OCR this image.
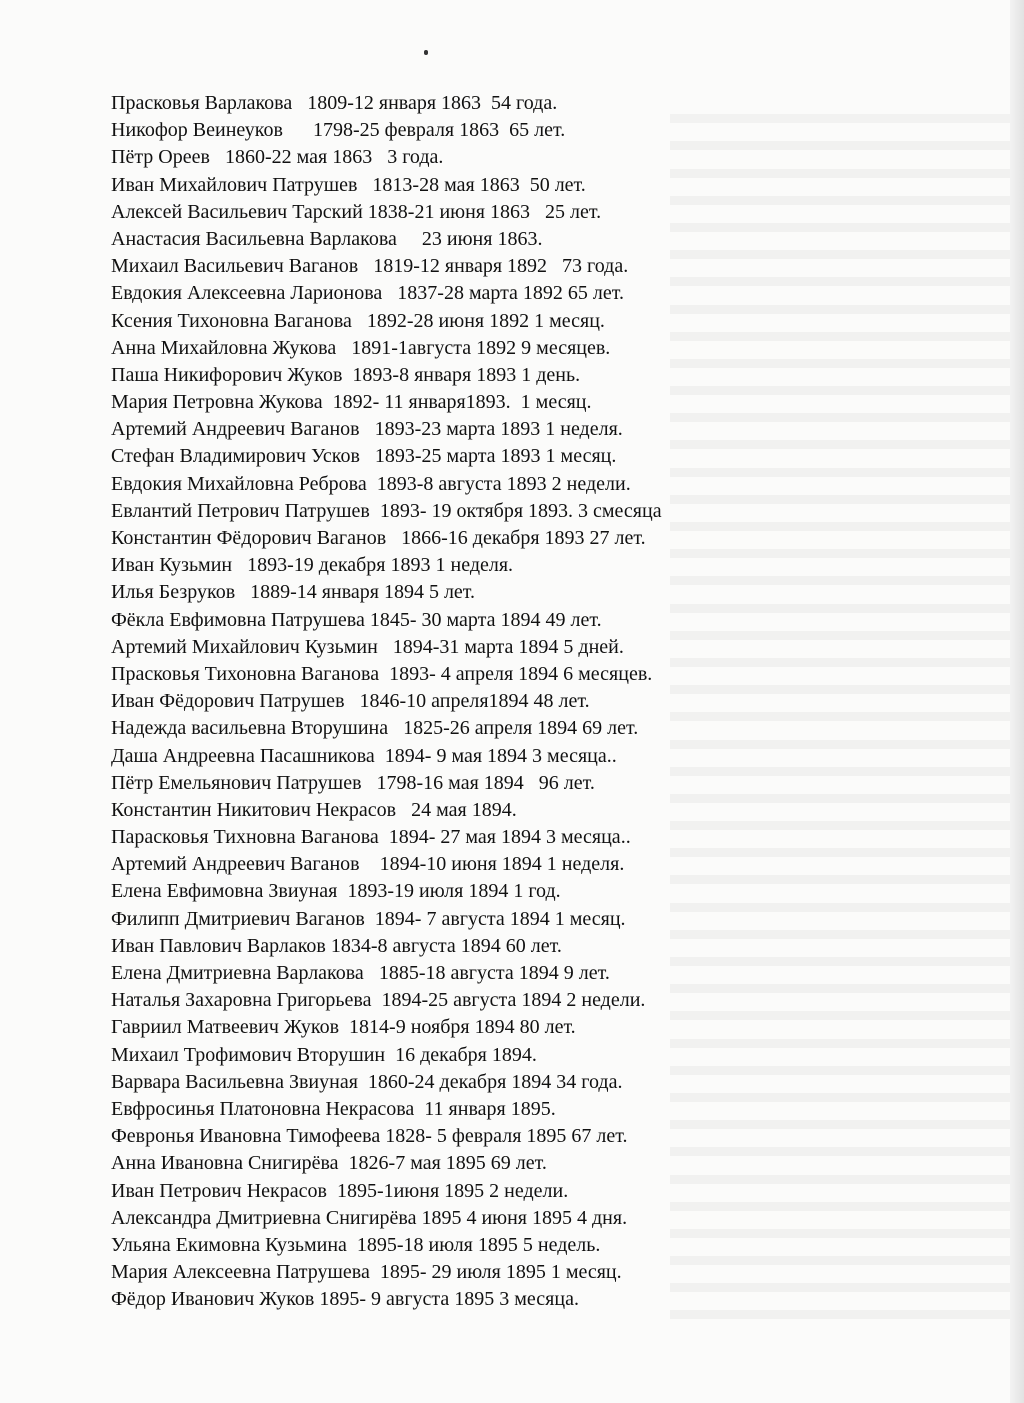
Прасковья Варлакова   1809-12 января 1863  54 года.
Никофор Веинеуков      1798-25 февраля 1863  65 лет.
Пётр Ореев   1860-22 мая 1863   3 года.
Иван Михайлович Патрушев   1813-28 мая 1863  50 лет.
Алексей Васильевич Тарский 1838-21 июня 1863   25 лет.
Анастасия Васильевна Варлакова     23 июня 1863.
Михаил Васильевич Ваганов   1819-12 января 1892   73 года.
Евдокия Алексеевна Ларионова   1837-28 марта 1892 65 лет.
Ксения Тихоновна Ваганова   1892-28 июня 1892 1 месяц.
Анна Михайловна Жукова   1891-1августа 1892 9 месяцев.
Паша Никифорович Жуков  1893-8 января 1893 1 день.
Мария Петровна Жукова  1892- 11 января1893.  1 месяц.
Артемий Андреевич Ваганов   1893-23 марта 1893 1 неделя.
Стефан Владимирович Усков   1893-25 марта 1893 1 месяц.
Евдокия Михайловна Реброва  1893-8 августа 1893 2 недели.
Евлантий Петрович Патрушев  1893- 19 октября 1893. 3 смесяца
Константин Фёдорович Ваганов   1866-16 декабря 1893 27 лет.
Иван Кузьмин   1893-19 декабря 1893 1 неделя.
Илья Безруков   1889-14 января 1894 5 лет.
Фёкла Евфимовна Патрушева 1845- 30 марта 1894 49 лет.
Артемий Михайлович Кузьмин   1894-31 марта 1894 5 дней.
Прасковья Тихоновна Ваганова  1893- 4 апреля 1894 6 месяцев.
Иван Фёдорович Патрушев   1846-10 апреля1894 48 лет.
Надежда васильевна Вторушина   1825-26 апреля 1894 69 лет.
Даша Андреевна Пасашникова  1894- 9 мая 1894 3 месяца..
Пётр Емельянович Патрушев   1798-16 мая 1894   96 лет.
Константин Никитович Некрасов   24 мая 1894.
Парасковья Тихновна Ваганова  1894- 27 мая 1894 3 месяца..
Артемий Андреевич Ваганов    1894-10 июня 1894 1 неделя.
Елена Евфимовна Звиуная  1893-19 июля 1894 1 год.
Филипп Дмитриевич Ваганов  1894- 7 августа 1894 1 месяц.
Иван Павлович Варлаков 1834-8 августа 1894 60 лет.
Елена Дмитриевна Варлакова   1885-18 августа 1894 9 лет.
Наталья Захаровна Григорьева  1894-25 августа 1894 2 недели.
Гавриил Матвеевич Жуков  1814-9 ноября 1894 80 лет.
Михаил Трофимович Вторушин  16 декабря 1894.
Варвара Васильевна Звиуная  1860-24 декабря 1894 34 года.
Евфросинья Платоновна Некрасова  11 января 1895.
Февронья Ивановна Тимофеева 1828- 5 февраля 1895 67 лет.
Анна Ивановна Снигирёва  1826-7 мая 1895 69 лет.
Иван Петрович Некрасов  1895-1июня 1895 2 недели.
Александра Дмитриевна Снигирёва 1895 4 июня 1895 4 дня.
Ульяна Екимовна Кузьмина  1895-18 июля 1895 5 недель.
Мария Алексеевна Патрушева  1895- 29 июля 1895 1 месяц.
Фёдор Иванович Жуков 1895- 9 августа 1895 3 месяца.
